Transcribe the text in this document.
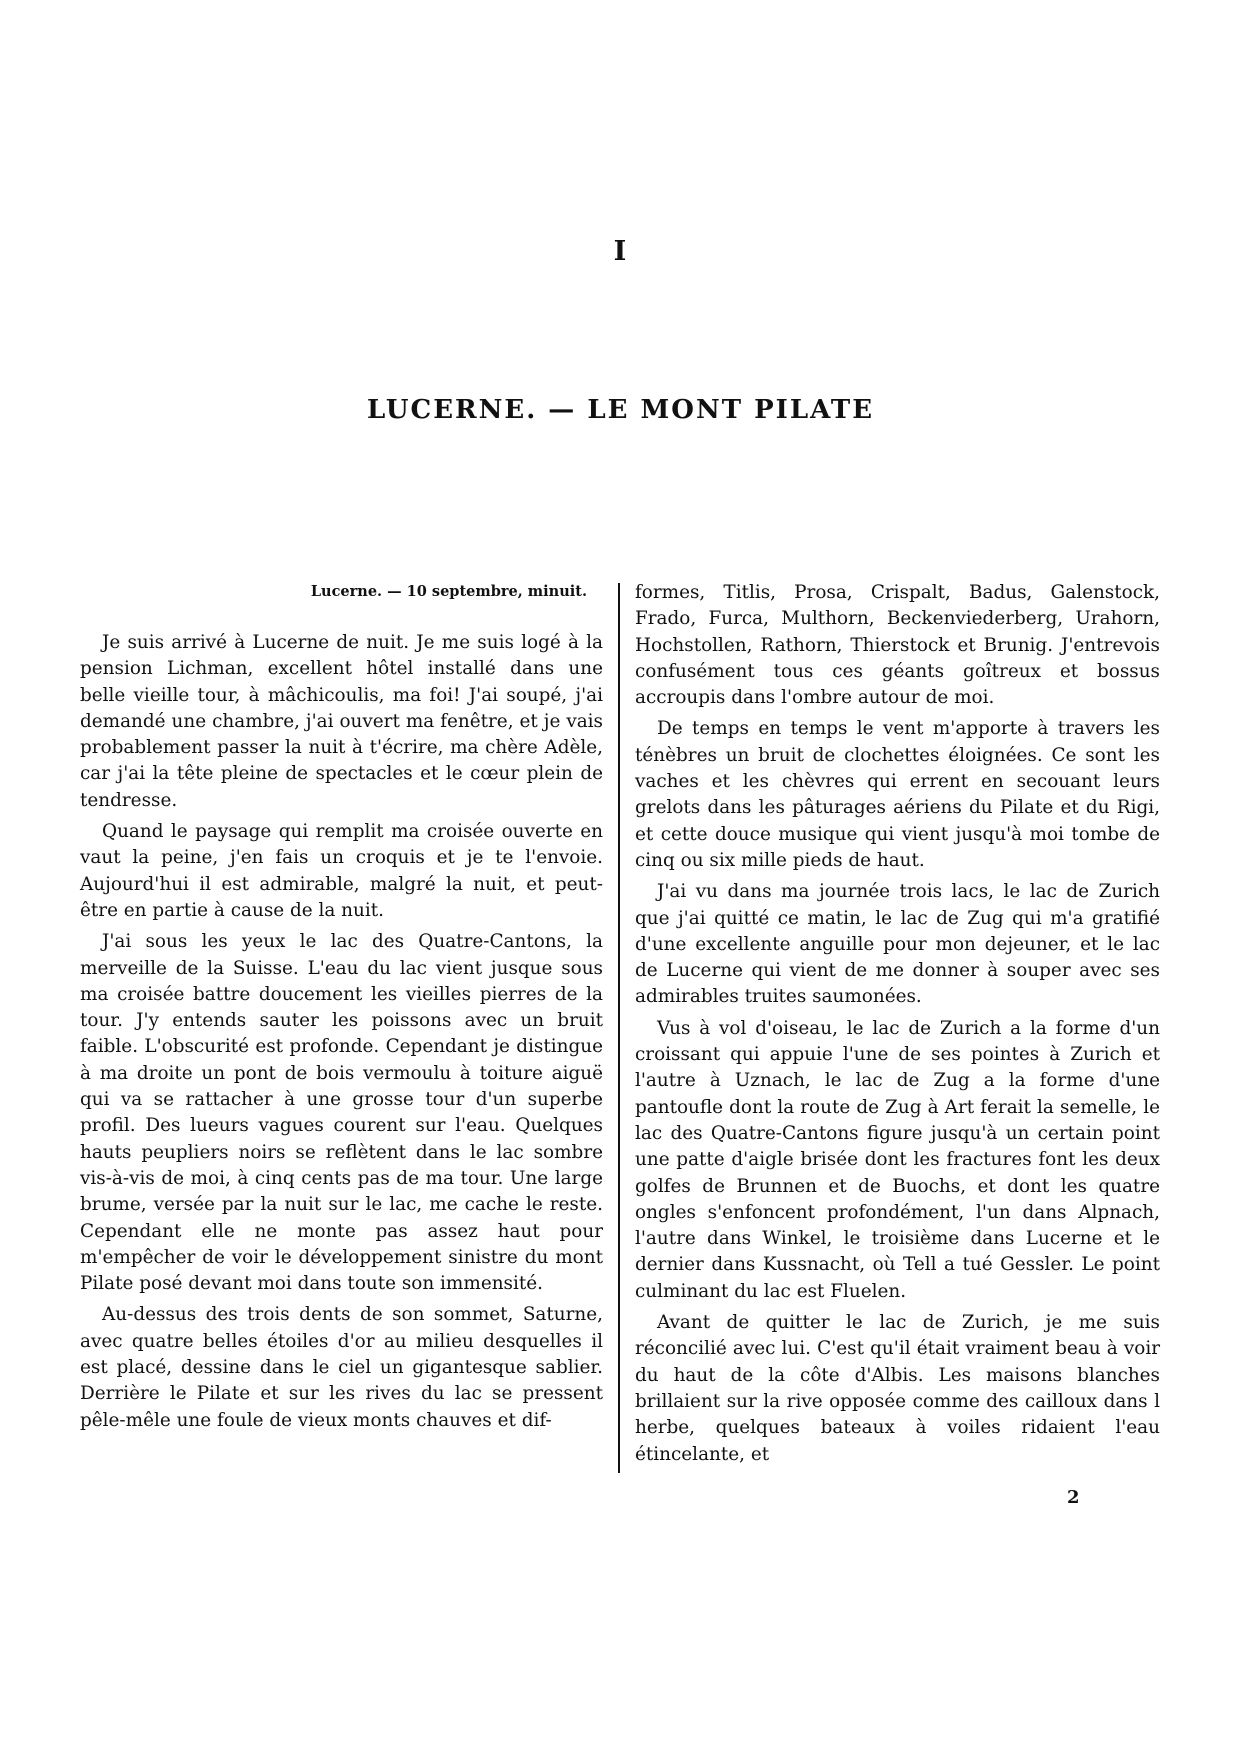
I
LUCERNE. — LE MONT PILATE
Lucerne. — 10 septembre, minuit.

Je suis arrivé à Lucerne de nuit. Je me suis logé à la pension Lichman, excellent hôtel installé dans une belle vieille tour, à mâchicoulis, ma foi! J'ai soupé, j'ai demandé une chambre, j'ai ouvert ma fenêtre, et je vais probablement passer la nuit à t'écrire, ma chère Adèle, car j'ai la tête pleine de spectacles et le cœur plein de tendresse.

Quand le paysage qui remplit ma croisée ouverte en vaut la peine, j'en fais un croquis et je te l'envoie. Aujourd'hui il est admirable, malgré la nuit, et peut-être en partie à cause de la nuit.

J'ai sous les yeux le lac des Quatre-Cantons, la merveille de la Suisse. L'eau du lac vient jusque sous ma croisée battre doucement les vieilles pierres de la tour. J'y entends sauter les poissons avec un bruit faible. L'obscurité est profonde. Cependant je distingue à ma droite un pont de bois vermoulu à toiture aiguë qui va se rattacher à une grosse tour d'un superbe profil. Des lueurs vagues courent sur l'eau. Quelques hauts peupliers noirs se reflètent dans le lac sombre vis-à-vis de moi, à cinq cents pas de ma tour. Une large brume, versée par la nuit sur le lac, me cache le reste. Cependant elle ne monte pas assez haut pour m'empêcher de voir le développement sinistre du mont Pilate posé devant moi dans toute son immensité.

Au-dessus des trois dents de son sommet, Saturne, avec quatre belles étoiles d'or au milieu desquelles il est placé, dessine dans le ciel un gigantesque sablier. Derrière le Pilate et sur les rives du lac se pressent pêle-mêle une foule de vieux monts chauves et dif-

formes, Titlis, Prosa, Crispalt, Badus, Galenstock, Frado, Furca, Multhorn, Beckenviederberg, Urahorn, Hochstollen, Rathorn, Thierstock et Brunig. J'entrevois confusément tous ces géants goîtreux et bossus accroupis dans l'ombre autour de moi.

De temps en temps le vent m'apporte à travers les ténèbres un bruit de clochettes éloignées. Ce sont les vaches et les chèvres qui errent en secouant leurs grelots dans les pâturages aériens du Pilate et du Rigi, et cette douce musique qui vient jusqu'à moi tombe de cinq ou six mille pieds de haut.

J'ai vu dans ma journée trois lacs, le lac de Zurich que j'ai quitté ce matin, le lac de Zug qui m'a gratifié d'une excellente anguille pour mon dejeuner, et le lac de Lucerne qui vient de me donner à souper avec ses admirables truites saumonées.

Vus à vol d'oiseau, le lac de Zurich a la forme d'un croissant qui appuie l'une de ses pointes à Zurich et l'autre à Uznach, le lac de Zug a la forme d'une pantoufle dont la route de Zug à Art ferait la semelle, le lac des Quatre-Cantons figure jusqu'à un certain point une patte d'aigle brisée dont les fractures font les deux golfes de Brunnen et de Buochs, et dont les quatre ongles s'enfoncent profondément, l'un dans Alpnach, l'autre dans Winkel, le troisième dans Lucerne et le dernier dans Kussnacht, où Tell a tué Gessler. Le point culminant du lac est Fluelen.

Avant de quitter le lac de Zurich, je me suis réconcilié avec lui. C'est qu'il était vraiment beau à voir du haut de la côte d'Albis. Les maisons blanches brillaient sur la rive opposée comme des cailloux dans l herbe, quelques bateaux à voiles ridaient l'eau étincelante, et

2
